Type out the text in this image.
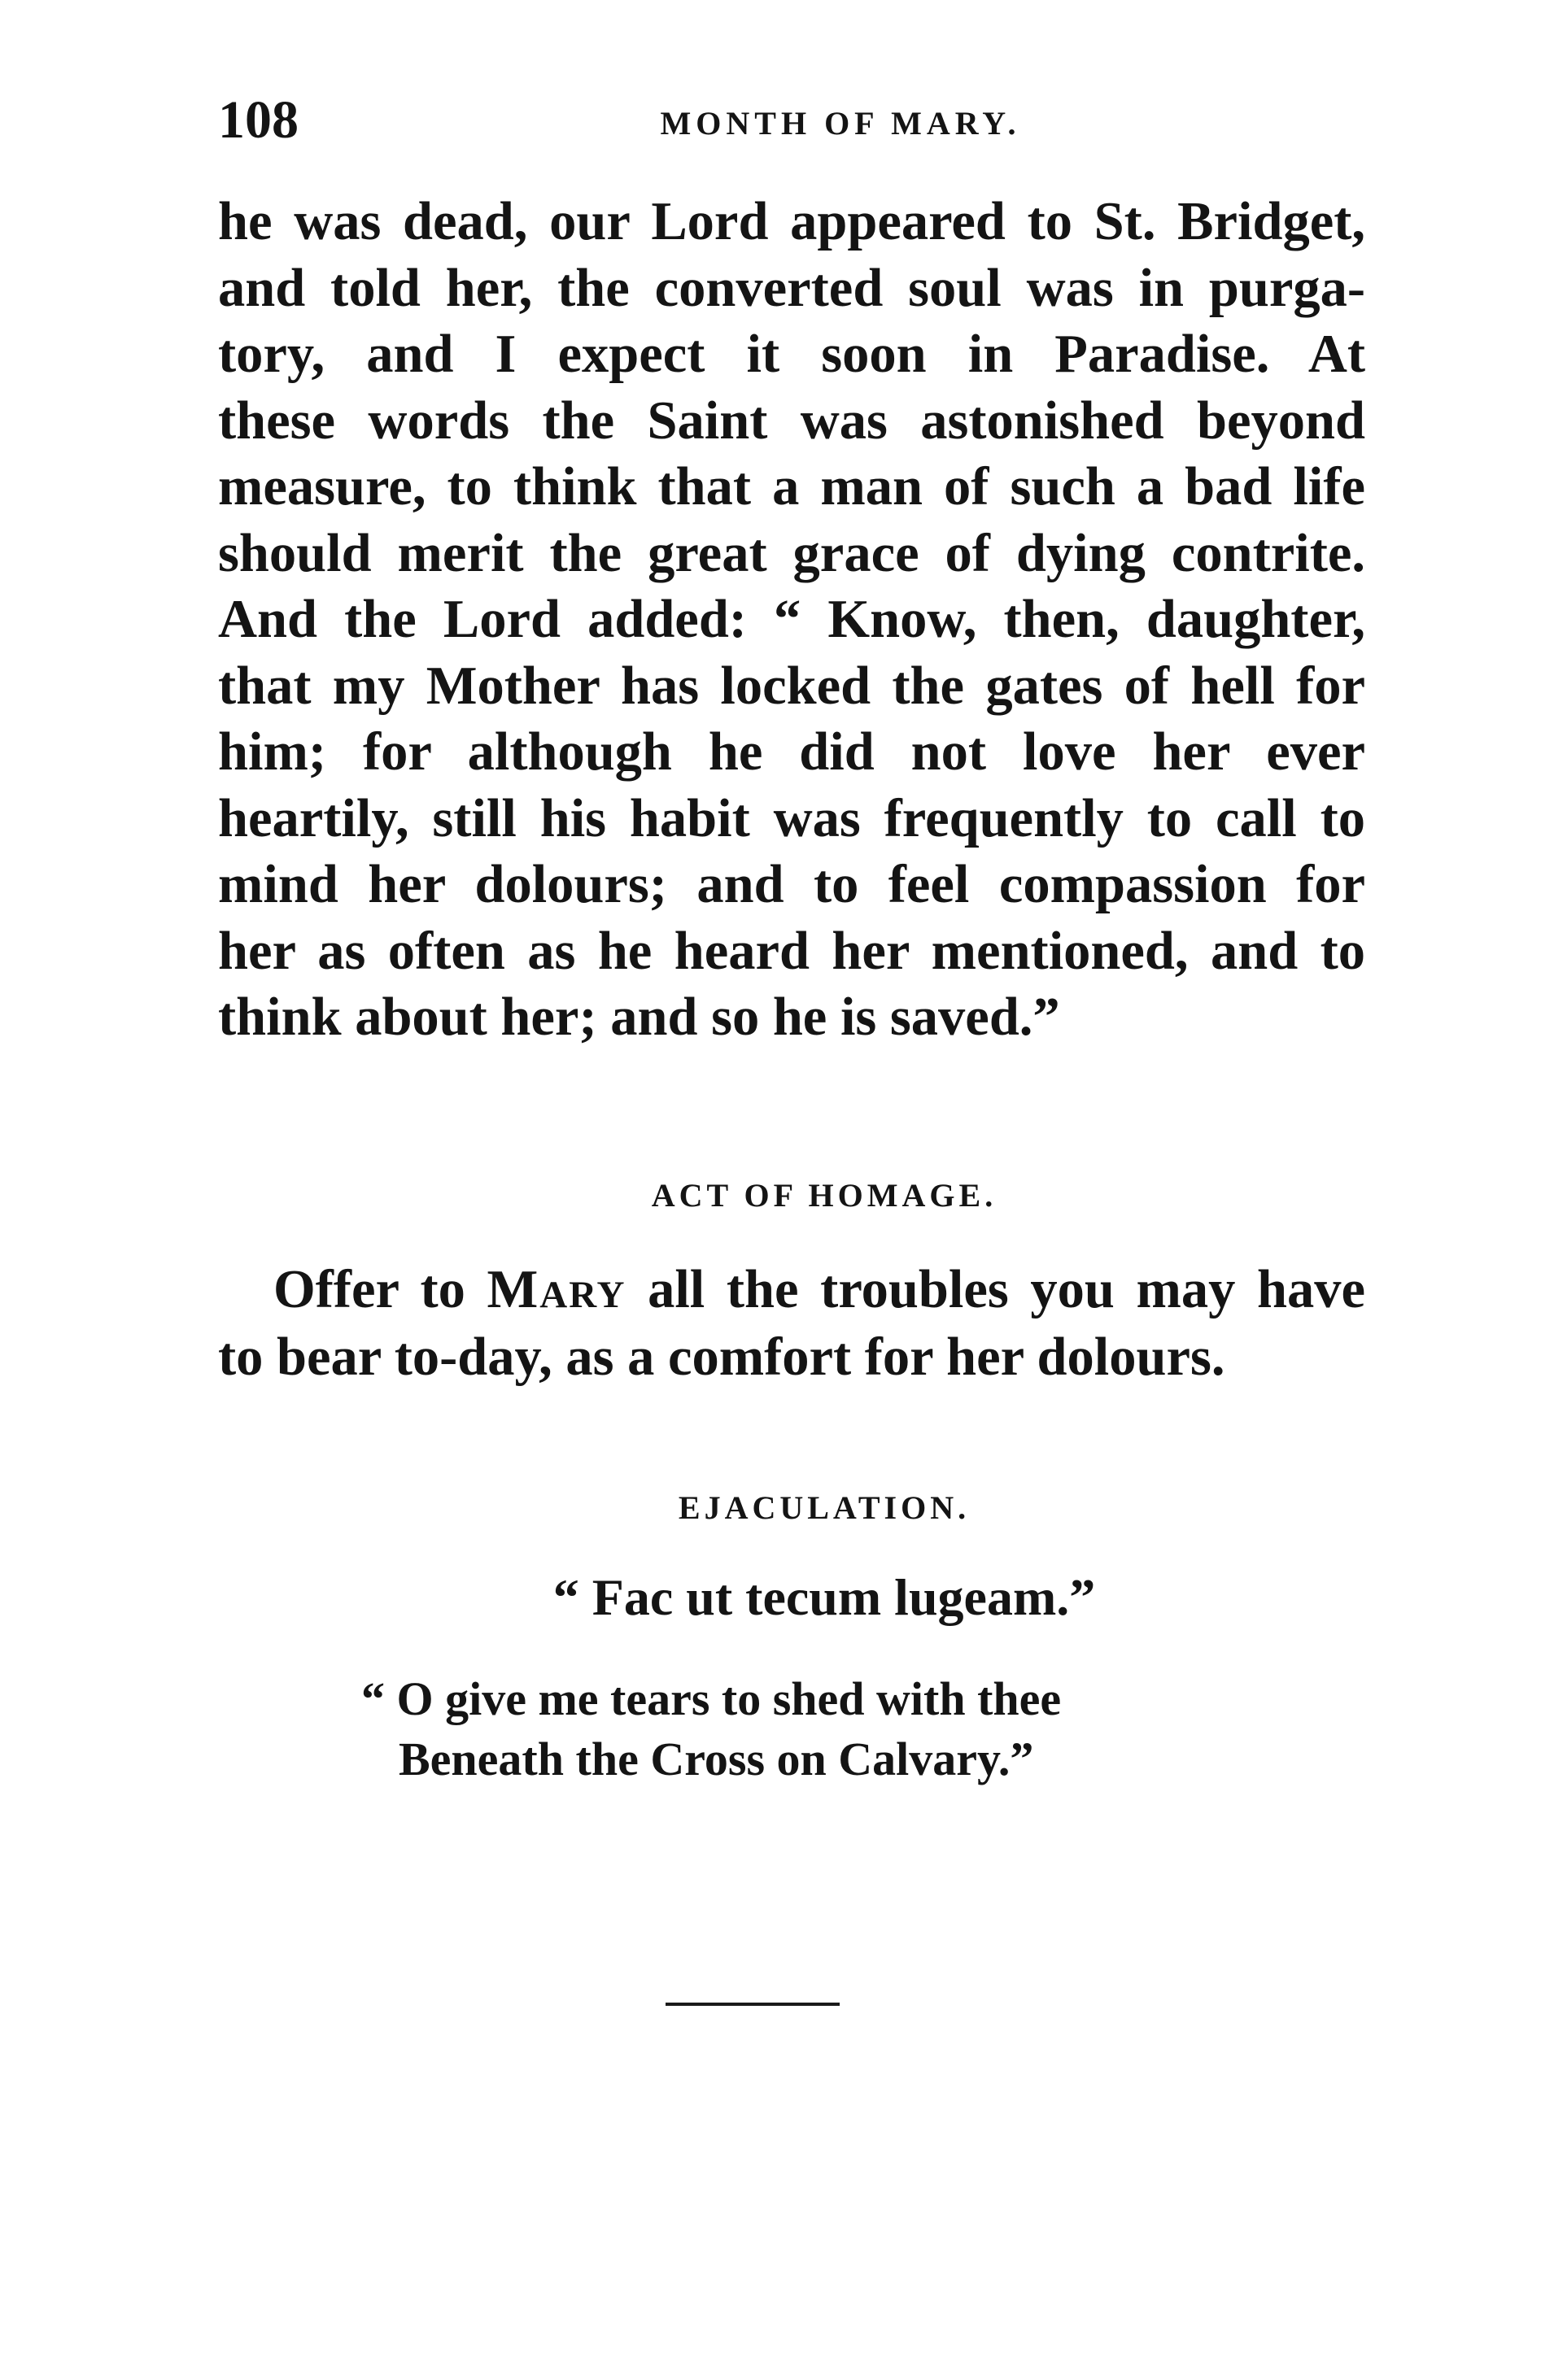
108	MONTH OF MARY.

he was dead, our Lord appeared to St. Bridget,
and told her, the converted soul was in purga-
tory, and I expect it soon in Paradise. At
these words the Saint was astonished beyond
measure, to think that a man of such a bad life
should merit the great grace of dying contrite.
And the Lord added: “ Know, then, daughter,
that my Mother has locked the gates of hell for
him; for although he did not love her ever
heartily, still his habit was frequently to call to
mind her dolours; and to feel compassion for
her as often as he heard her mentioned, and to
think about her; and so he is saved.”

ACT OF HOMAGE.

Offer to Mary all the troubles you may have
to bear to-day, as a comfort for her dolours.

EJACULATION.

“ Fac ut tecum lugeam.”

“ O give me tears to shed with thee
Beneath the Cross on Calvary.”
